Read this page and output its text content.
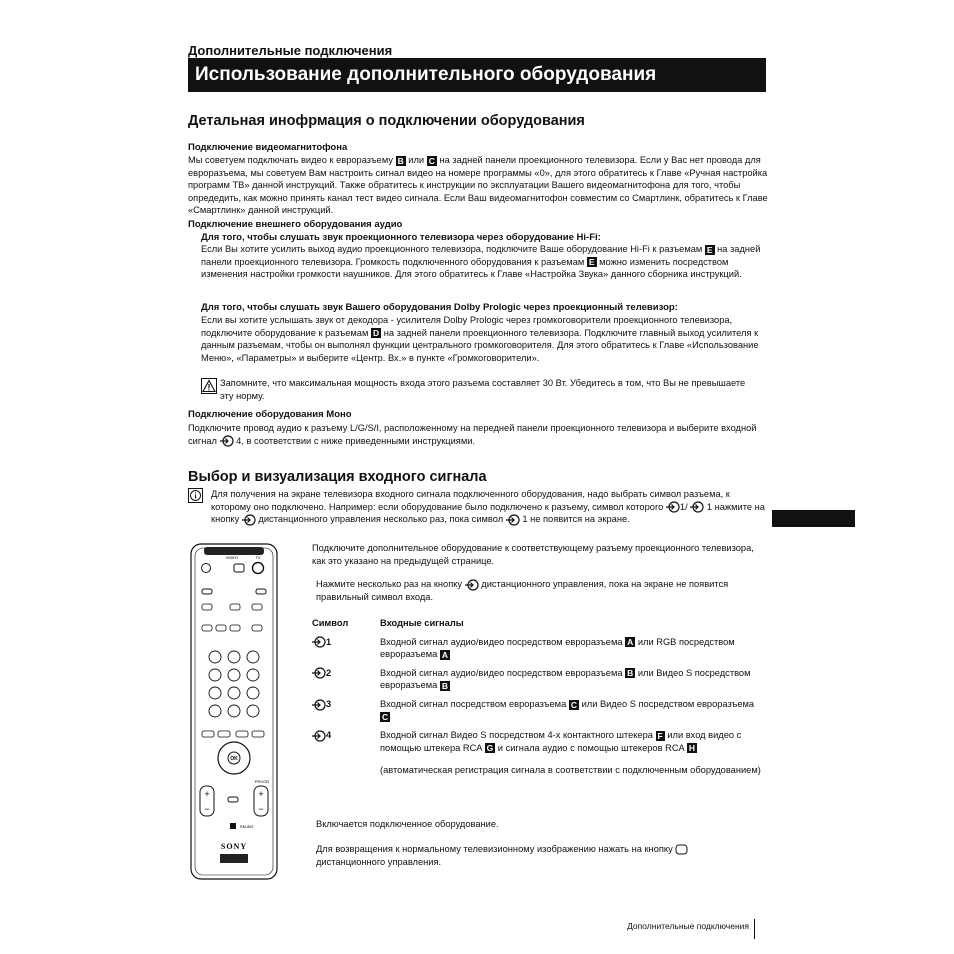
Дополнительные подключения
Использование дополнительного оборудования
Детальная инофрмация о подключении оборудования
Подключение видеомагнитофона

Мы советуем подключать видео к евроразъему B или C на задней панели проекционного телевизора. Если у Вас нет провода для евроразъема, мы советуем Вам настроить сигнал видео на номере программы «0», для этого обратитесь к Главе «Ручная настройка программ ТВ» данной инструкций. Также обратитесь к инструкции по эксплуатации Вашего видеомагнитофона для того, чтобы опредедить, как можно принять канал тест видео сигнала. Если Ваш видеомагнитофон совместим со Смартлинк, обратитесь к Главе «Смартлинк» данной инструкций.

Подключение внешнего оборудования аудио
Для того, чтобы слушать звук проекционного телевизора через оборудование Hi-Fi:

Если Вы хотите усилить выход аудио проекционного телевизора, подключите Ваше оборудование Hi-Fi к разъемам E на задней панели проекционного телевизора. Громкость подключенного оборудования к разъемам E можно изменить посредством изменения настройки громкости наушников. Для этого обратитесь к Главе «Настройка Звука» данного сборника инструкций.

Для того, чтобы слушать звук Вашего оборудования Dolby Prologic через проекционный телевизор:

Если вы хотите услышать звук от декодора - усилителя Dolby Prologic через громкоговорители проекционного телевизора, подключите оборудование к разъемам D на задней панели проекционного телевизора. Подключите главный выход усилителя к данным разъемам, чтобы он выполнял функции центрального громкоговорителя. Для этого обратитесь к Главе «Использование Меню», «Параметры» и выберите «Центр. Вх.» в пункте «Громкоговорители».

Запомните, что максимальная мощность входа этого разъема составляет 30 Вт. Убедитесь в том, что Вы не превышаете эту норму.

Подключение оборудования Моно

Подключите провод аудио к разъему L/G/S/I, расположенному на передней панели проекционного телевизора и выберите входной сигнал 4, в соответствии с ниже приведенными инструкциями.

Выбор и визуализация входного сигнала

Для получения на экране телевизора входного сигнала подключенного оборудования, надо выбрать символ разъема, к которому оно подключено. Например: если оборудование было подключено к разъему, символ которого 1/ 1 нажмите на кнопку дистанционного управления несколько раз, пока символ 1 не появится на экране.

VIDEO	TV
OK
PROGR
+	+
−	−
RM-892
SONY

Подключите дополнительное оборудование к соответствующему разъему проекционного телевизора, как это указано на предыдущей странице.

Нажмите несколько раз на кнопку дистанционного управления, пока на экране не появится правильный символ входа.

Символ	Входные сигналы
1	Входной сигнал аудио/видео посредством евроразъема A или RGB посредством евроразъема A
2	Входной сигнал аудио/видео посредством евроразъема B или Видео S посредством евроразъема B
3	Входной сигнал посредством евроразъема C или Видео S посредством евроразъема C
4	Входной сигнал Видео S посредством 4-х контактного штекера F или вход видео с помощью штекера RCA G и сигнала аудио с помощью штекеров RCA H
	(автоматическая регистрация сигнала в соответствии с подключенным оборудованием)

Включается подключенное оборудование.

Для возвращения к нормальному телевизионному изображению нажать на кнопку  дистанционного управления.

Дополнительные подключения
